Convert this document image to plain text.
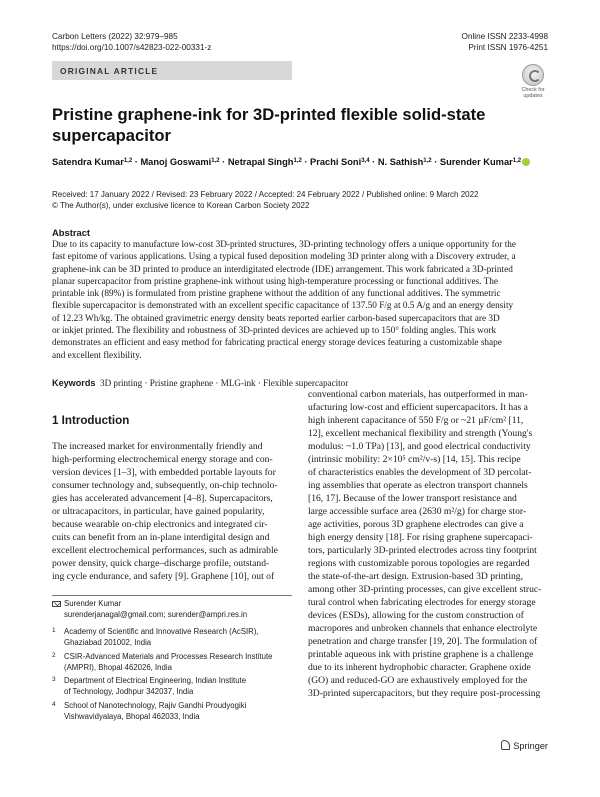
Carbon Letters (2022) 32:979–985
https://doi.org/10.1007/s42823-022-00331-z
Online ISSN 2233-4998
Print ISSN 1976-4251
ORIGINAL ARTICLE
Check for
updates
Pristine graphene-ink for 3D-printed flexible solid-state
supercapacitor
Satendra Kumar$^{1,2}$ · Manoj Goswami$^{1,2}$ · Netrapal Singh$^{1,2}$ · Prachi Soni$^{3,4}$ · N. Sathish$^{1,2}$ · Surender Kumar$^{1,2}$
Received: 17 January 2022 / Revised: 23 February 2022 / Accepted: 24 February 2022 / Published online: 9 March 2022
© The Author(s), under exclusive licence to Korean Carbon Society 2022
Abstract
Due to its capacity to manufacture low-cost 3D-printed structures, 3D-printing technology offers a unique opportunity for the
fast epitome of various applications. Using a typical fused deposition modeling 3D printer along with a Discovery extruder, a
graphene-ink can be 3D printed to produce an interdigitated electrode (IDE) arrangement. This work fabricated a 3D-printed
planar supercapacitor from pristine graphene-ink without using high-temperature processing or functional additives. The
printable ink (89%) is formulated from pristine graphene without the addition of any functional additives. The symmetric
flexible supercapacitor is demonstrated with an excellent specific capacitance of 137.50 F/g at 0.5 A/g and an energy density
of 12.23 Wh/kg. The obtained gravimetric energy density beats reported earlier carbon-based supercapacitors that are 3D
or inkjet printed. The flexibility and robustness of 3D-printed devices are achieved up to 150° folding angles. This work
demonstrates an efficient and easy method for fabricating practical energy storage devices featuring a customizable shape
and excellent flexibility.
Keywords 3D printing · Pristine graphene · MLG-ink · Flexible supercapacitor
1 Introduction
The increased market for environmentally friendly and
high-performing electrochemical energy storage and con-
version devices [1–3], with embedded portable layouts for
consumer technology and, subsequently, on-chip technolo-
gies has accelerated advancement [4–8]. Supercapacitors,
or ultracapacitors, in particular, have gained popularity,
because wearable on-chip electronics and integrated cir-
cuits can benefit from an in-plane interdigital design and
excellent electrochemical performances, such as admirable
power density, quick charge–discharge profile, outstand-
ing cycle endurance, and safety [9]. Graphene [10], out of
conventional carbon materials, has outperformed in man-
ufacturing low-cost and efficient supercapacitors. It has a
high inherent capacitance of 550 F/g or ~21 μF/cm² [11,
12], excellent mechanical flexibility and strength (Young's
modulus: ~1.0 TPa) [13], and good electrical conductivity
(intrinsic mobility: 2×10⁵ cm²/v-s) [14, 15]. This recipe
of characteristics enables the development of 3D percolat-
ing assemblies that operate as electron transport channels
[16, 17]. Because of the lower transport resistance and
large accessible surface area (2630 m²/g) for charge stor-
age activities, porous 3D graphene electrodes can give a
high energy density [18]. For rising graphene supercapaci-
tors, particularly 3D-printed electrodes across tiny footprint
regions with customizable porous topologies are regarded
the state-of-the-art design. Extrusion-based 3D printing,
among other 3D-printing processes, can give excellent struc-
tural control when fabricating electrodes for energy storage
devices (ESDs), allowing for the custom construction of
macropores and unbroken channels that enhance electrolyte
penetration and charge transfer [19, 20]. The formulation of
printable aqueous ink with pristine graphene is a challenge
due to its inherent hydrophobic character. Graphene oxide
(GO) and reduced-GO are exhaustively employed for the
3D-printed supercapacitors, but they require post-processing
Surender Kumar
surenderjanagal@gmail.com; surender@ampri.res.in
1 Academy of Scientific and Innovative Research (AcSIR),
Ghaziabad 201002, India
2 CSIR-Advanced Materials and Processes Research Institute
(AMPRI), Bhopal 462026, India
3 Department of Electrical Engineering, Indian Institute
of Technology, Jodhpur 342037, India
4 School of Nanotechnology, Rajiv Gandhi Proudyogiki
Vishwavidyalaya, Bhopal 462033, India
Springer
